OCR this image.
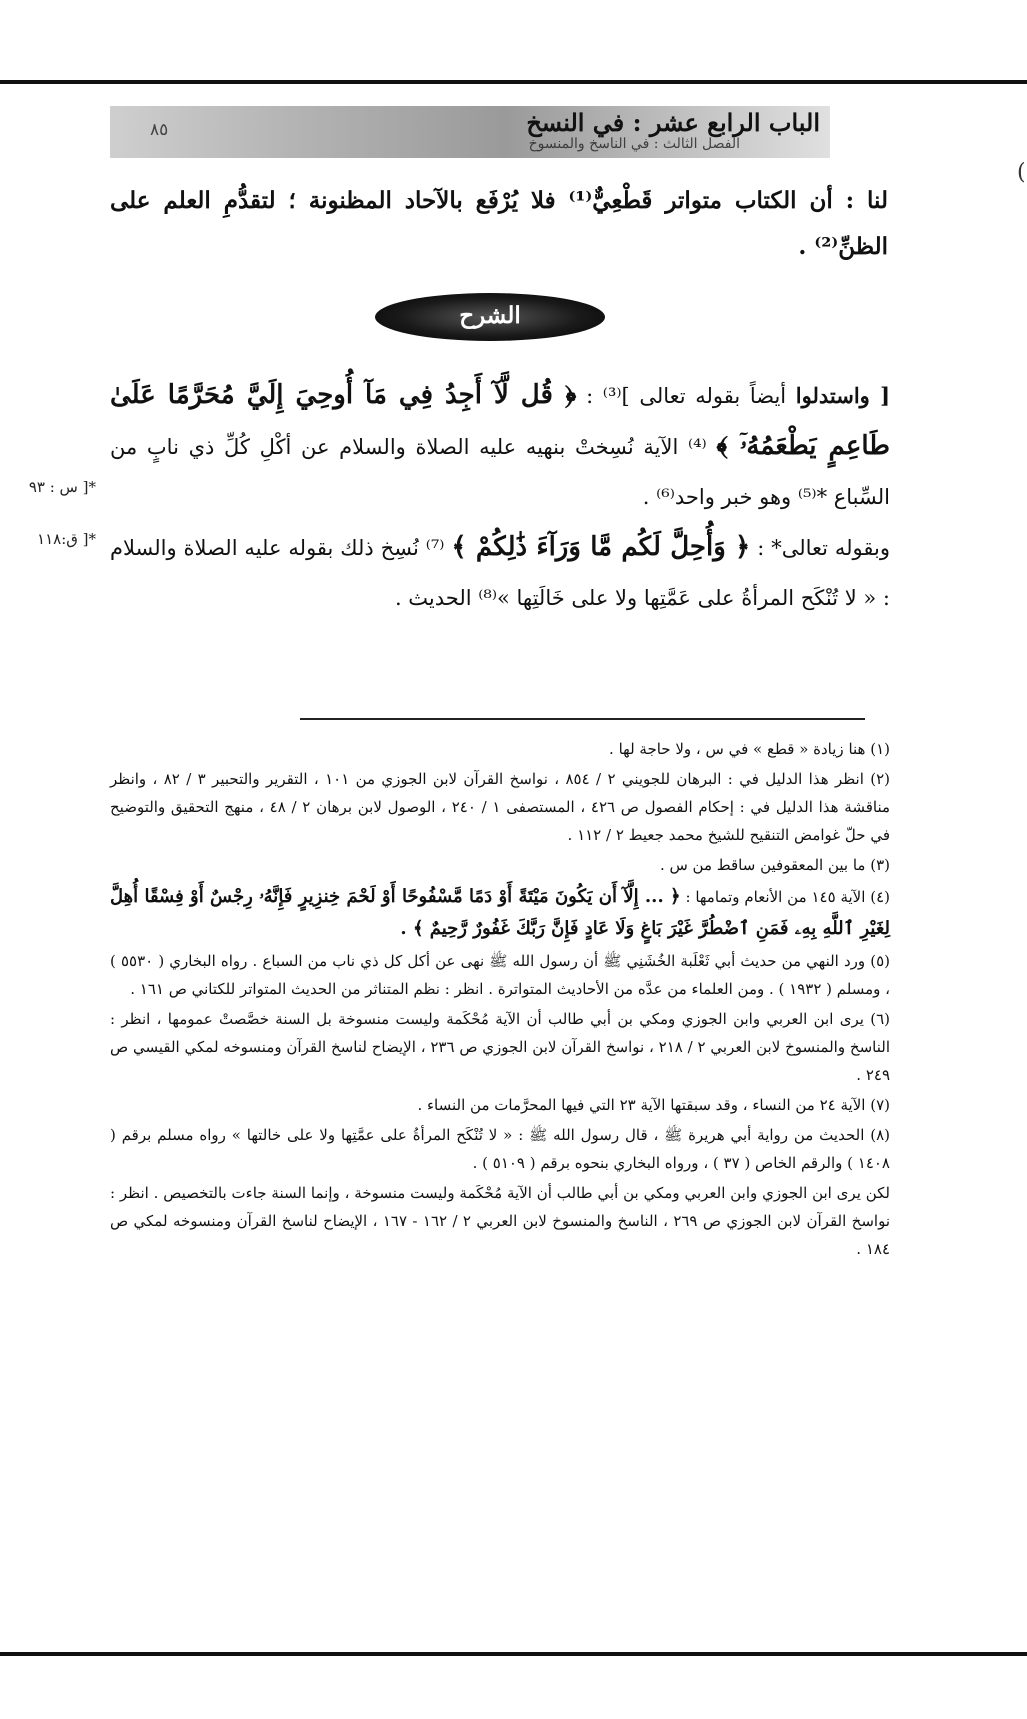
(
الباب الرابع عشر : في النسخ
الفصل الثالث : في الناسخ والمنسوخ
٨٥

لنا : أن الكتاب متواتر قَطْعِيٌّ⁽¹⁾ فلا يُرْفَع بالآحاد المظنونة ؛ لتقدُّمِ العلم على الظنِّ⁽²⁾ .

الشرح

[ واستدلوا أيضاً بقوله تعالى ]⁽³⁾ : ﴿ قُل لَّآ أَجِدُ فِي مَآ أُوحِيَ إِلَيَّ مُحَرَّمًا عَلَىٰ طَاعِمٍ يَطْعَمُهُۥٓ ﴾ ⁽⁴⁾ الآية نُسِختْ بنهيه عليه الصلاة والسلام عن أكْلِ كُلِّ ذي نابٍ من السِّباع *⁽⁵⁾ وهو خبر واحد⁽⁶⁾ .

وبقوله تعالى* : ﴿ وَأُحِلَّ لَكُم مَّا وَرَآءَ ذَٰلِكُمْ ﴾ ⁽⁷⁾ نُسِخ ذلك بقوله عليه الصلاة والسلام : « لا تُنْكَح المرأةُ على عَمَّتِها ولا على خَالَتِها »⁽⁸⁾ الحديث .

*[ س : ٩٣
*[ ق:١١٨

(١) هنا زيادة « قطع » في س ، ولا حاجة لها .

(٢) انظر هذا الدليل في : البرهان للجويني ٢ / ٨٥٤ ، نواسخ القرآن لابن الجوزي من ١٠١ ، التقرير والتحبير ٣ / ٨٢ ، وانظر مناقشة هذا الدليل في : إحكام الفصول ص ٤٢٦ ، المستصفى ١ / ٢٤٠ ، الوصول لابن برهان ٢ / ٤٨ ، منهج التحقيق والتوضيح في حلّ غوامض التنقيح للشيخ محمد جعيط ٢ / ١١٢ .

(٣) ما بين المعقوفين ساقط من س .

(٤) الآية ١٤٥ من الأنعام وتمامها : ﴿ ... إِلَّآ أَن يَكُونَ مَيْتَةً أَوْ دَمًا مَّسْفُوحًا أَوْ لَحْمَ خِنزِيرٍ فَإِنَّهُۥ رِجْسٌ أَوْ فِسْقًا أُهِلَّ لِغَيْرِ ٱللَّهِ بِهِۦ فَمَنِ ٱضْطُرَّ غَيْرَ بَاغٍ وَلَا عَادٍ فَإِنَّ رَبَّكَ غَفُورٌ رَّحِيمٌ ﴾ .

(٥) ورد النهي من حديث أبي ثَعْلَبة الخُشَنِي ﷺ أن رسول الله ﷺ نهى عن أكل كل ذي ناب من السباع . رواه البخاري ( ٥٥٣٠ ) ، ومسلم ( ١٩٣٢ ) . ومن العلماء من عدَّه من الأحاديث المتواترة . انظر : نظم المتناثر من الحديث المتواتر للكتاني ص ١٦١ .

(٦) يرى ابن العربي وابن الجوزي ومكي بن أبي طالب أن الآية مُحْكَمة وليست منسوخة بل السنة خصَّصتْ عمومها ، انظر : الناسخ والمنسوخ لابن العربي ٢ / ٢١٨ ، نواسخ القرآن لابن الجوزي ص ٢٣٦ ، الإيضاح لناسخ القرآن ومنسوخه لمكي القيسي ص ٢٤٩ .

(٧) الآية ٢٤ من النساء ، وقد سبقتها الآية ٢٣ التي فيها المحرَّمات من النساء .

(٨) الحديث من رواية أبي هريرة ﷺ ، قال رسول الله ﷺ : « لا تُنْكَح المرأةُ على عمَّتِها ولا على خالتها » رواه مسلم برقم ( ١٤٠٨ ) والرقم الخاص ( ٣٧ ) ، ورواه البخاري بنحوه برقم ( ٥١٠٩ ) .

لكن يرى ابن الجوزي وابن العربي ومكي بن أبي طالب أن الآية مُحْكَمة وليست منسوخة ، وإنما السنة جاءت بالتخصيص . انظر : نواسخ القرآن لابن الجوزي ص ٢٦٩ ، الناسخ والمنسوخ لابن العربي ٢ / ١٦٢ - ١٦٧ ، الإيضاح لناسخ القرآن ومنسوخه لمكي ص ١٨٤ .
